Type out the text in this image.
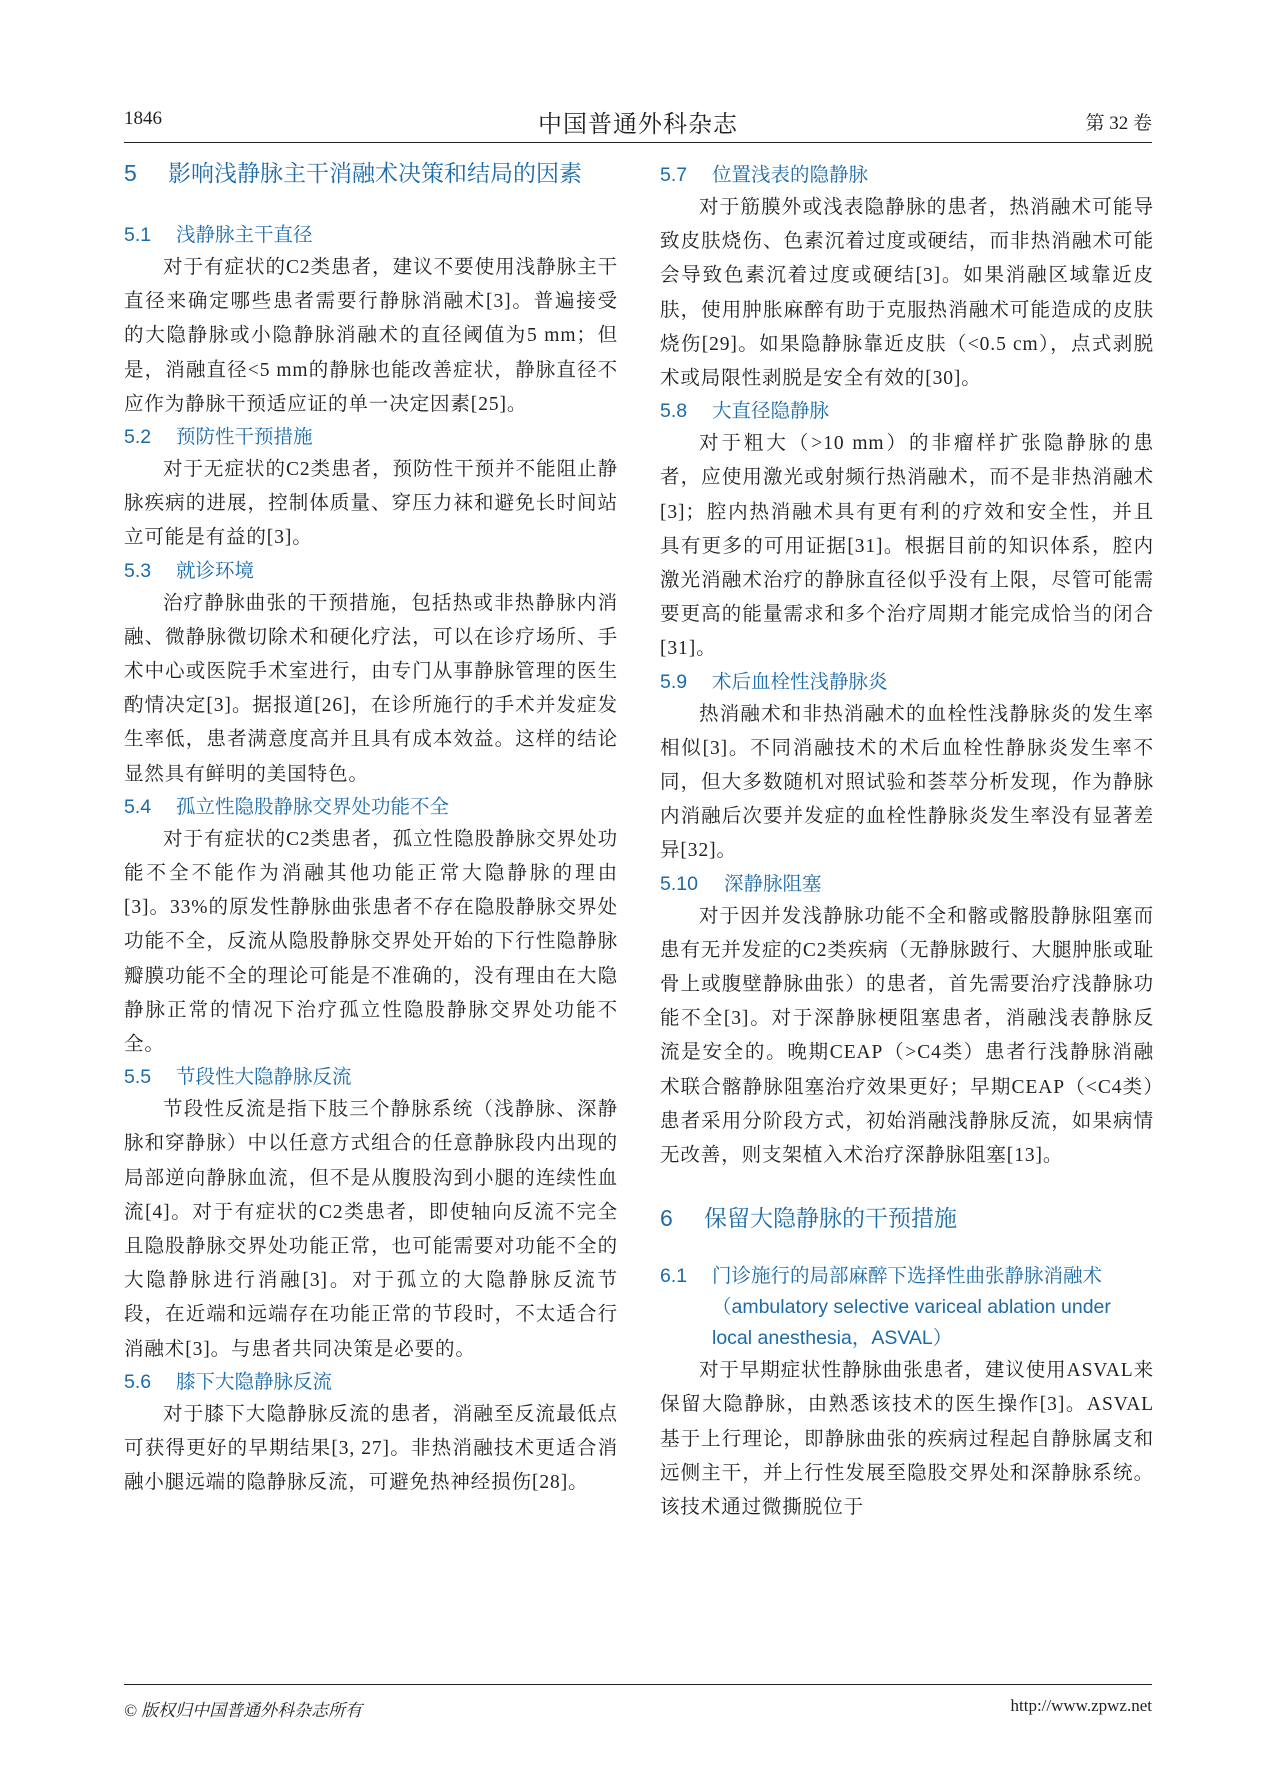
1846	中国普通外科杂志	第 32 卷
5	影响浅静脉主干消融术决策和结局的因素
5.1	浅静脉主干直径

对于有症状的C2类患者，建议不要使用浅静脉主干直径来确定哪些患者需要行静脉消融术[3]。普遍接受的大隐静脉或小隐静脉消融术的直径阈值为5 mm；但是，消融直径<5 mm的静脉也能改善症状，静脉直径不应作为静脉干预适应证的单一决定因素[25]。

5.2	预防性干预措施

对于无症状的C2类患者，预防性干预并不能阻止静脉疾病的进展，控制体质量、穿压力袜和避免长时间站立可能是有益的[3]。

5.3	就诊环境

治疗静脉曲张的干预措施，包括热或非热静脉内消融、微静脉微切除术和硬化疗法，可以在诊疗场所、手术中心或医院手术室进行，由专门从事静脉管理的医生酌情决定[3]。据报道[26]，在诊所施行的手术并发症发生率低，患者满意度高并且具有成本效益。这样的结论显然具有鲜明的美国特色。

5.4	孤立性隐股静脉交界处功能不全

对于有症状的C2类患者，孤立性隐股静脉交界处功能不全不能作为消融其他功能正常大隐静脉的理由[3]。33%的原发性静脉曲张患者不存在隐股静脉交界处功能不全，反流从隐股静脉交界处开始的下行性隐静脉瓣膜功能不全的理论可能是不准确的，没有理由在大隐静脉正常的情况下治疗孤立性隐股静脉交界处功能不全。

5.5	节段性大隐静脉反流

节段性反流是指下肢三个静脉系统（浅静脉、深静脉和穿静脉）中以任意方式组合的任意静脉段内出现的局部逆向静脉血流，但不是从腹股沟到小腿的连续性血流[4]。对于有症状的C2类患者，即使轴向反流不完全且隐股静脉交界处功能正常，也可能需要对功能不全的大隐静脉进行消融[3]。对于孤立的大隐静脉反流节段，在近端和远端存在功能正常的节段时，不太适合行消融术[3]。与患者共同决策是必要的。

5.6	膝下大隐静脉反流

对于膝下大隐静脉反流的患者，消融至反流最低点可获得更好的早期结果[3, 27]。非热消融技术更适合消融小腿远端的隐静脉反流，可避免热神经损伤[28]。

5.7	位置浅表的隐静脉

对于筋膜外或浅表隐静脉的患者，热消融术可能导致皮肤烧伤、色素沉着过度或硬结，而非热消融术可能会导致色素沉着过度或硬结[3]。如果消融区域靠近皮肤，使用肿胀麻醉有助于克服热消融术可能造成的皮肤烧伤[29]。如果隐静脉靠近皮肤（<0.5 cm），点式剥脱术或局限性剥脱是安全有效的[30]。

5.8	大直径隐静脉

对于粗大（>10 mm）的非瘤样扩张隐静脉的患者，应使用激光或射频行热消融术，而不是非热消融术[3]；腔内热消融术具有更有利的疗效和安全性，并且具有更多的可用证据[31]。根据目前的知识体系，腔内激光消融术治疗的静脉直径似乎没有上限，尽管可能需要更高的能量需求和多个治疗周期才能完成恰当的闭合[31]。

5.9	术后血栓性浅静脉炎

热消融术和非热消融术的血栓性浅静脉炎的发生率相似[3]。不同消融技术的术后血栓性静脉炎发生率不同，但大多数随机对照试验和荟萃分析发现，作为静脉内消融后次要并发症的血栓性静脉炎发生率没有显著差异[32]。

5.10	深静脉阻塞

对于因并发浅静脉功能不全和髂或髂股静脉阻塞而患有无并发症的C2类疾病（无静脉跛行、大腿肿胀或耻骨上或腹壁静脉曲张）的患者，首先需要治疗浅静脉功能不全[3]。对于深静脉梗阻塞患者，消融浅表静脉反流是安全的。晚期CEAP（>C4类）患者行浅静脉消融术联合髂静脉阻塞治疗效果更好；早期CEAP（<C4类）患者采用分阶段方式，初始消融浅静脉反流，如果病情无改善，则支架植入术治疗深静脉阻塞[13]。

6	保留大隐静脉的干预措施
6.1	门诊施行的局部麻醉下选择性曲张静脉消融术（ambulatory selective variceal ablation under local anesthesia，ASVAL）

对于早期症状性静脉曲张患者，建议使用ASVAL来保留大隐静脉，由熟悉该技术的医生操作[3]。ASVAL基于上行理论，即静脉曲张的疾病过程起自静脉属支和远侧主干，并上行性发展至隐股交界处和深静脉系统。该技术通过微撕脱位于

© 版权归中国普通外科杂志所有	http://www.zpwz.net
